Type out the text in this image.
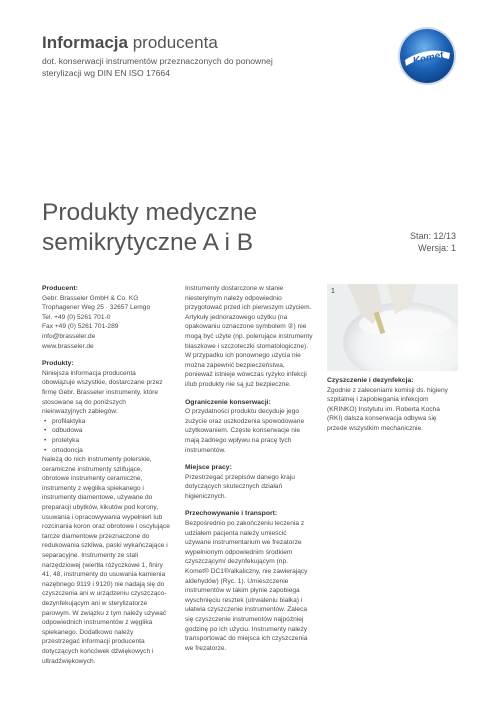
Informacja producenta
dot. konserwacji instrumentów przeznaczonych do ponownej sterylizacji wg DIN EN ISO 17664
Komet
Produkty medyczne
semikrytyczne A i B	Stan: 12/13
Wersja: 1
Producent:
Gebr. Brasseler GmbH & Co. KG
Trophagener Weg 25 · 32657 Lemgo
Tel. +49 (0) 5261 701-0
Fax +49 (0) 5261 701-289
info@brasseler.de
www.brasseler.de
Produkty:
Niniejsza informacja producenta obowiązuje wszystkie, dostarczane przez firmę Gebr. Brasseler instrumenty, które stosowane są do poniższych nieinwazyjnych zabiegów:
• profilaktyka
• odbudowa
• protetyka
• ortodoncja
Należą do nich instrumenty polerskie, ceramiczne instrumenty szlifujące, obrotowe instrumenty ceramiczne, instrumenty z węglika spiekanego i instrumenty diamentowe, używane do preparacji ubytków, kikutów pod korony, usuwania i opracowywania wypełnień lub rozcinania koron oraz obrotowe i oscylujące tarcze diamentowe przeznaczone do redukowania szkliwa, paski wykańczające i separacyjne. Instrumenty ze stali narzędziowej (wiertła różyczkowe 1, finiry 41, 48, instrumenty do usuwania kamienia nazębnego 9119 i 9120) nie nadają się do czyszczenia ani w urządzeniu czyszcząco-dezynfekującym ani w sterylizatorze parowym. W związku z tym należy używać odpowiednich instrumentów z węglika spiekanego. Dodatkowo należy przestrzegać informacji producenta dotyczących końcówek dźwiękowych i ultradźwiękowych.

Instrumenty dostarczone w stanie niesterylnym należy odpowiednio przygotować przed ich pierwszym użyciem. Artykuły jednorazowego użytku (na opakowaniu oznaczone symbolem ②) nie mogą być użyte (np. polerujące instrumenty blaszkowe i szczoteczki stomatologiczne). W przypadku ich ponownego użycia nie można zapewnić bezpieczeństwa, ponieważ istnieje wówczas ryzyko infekcji i/lub produkty nie są już bezpieczne.

Ograniczenie konserwacji:

O przydatności produktu decyduje jego zużycie oraz uszkodzenia spowodowane użytkowaniem. Częste konserwacje nie mają żadnego wpływu na pracę tych instrumentów.

Miejsce pracy:

Przestrzegać przepisów danego kraju dotyczących skutecznych działań higienicznych.

Przechowywanie i transport:

Bezpośrednio po zakończeniu leczenia z udziałem pacjenta należy umieścić używane instrumentarium we frezatorze wypełnionym odpowiednim środkiem czyszczącym/ dezynfekującym (np. Komet® DC1®/alkaliczny, nie zawierający aldehydów) (Ryc. 1). Umieszczenie instrumentów w takim płynie zapobiega wyschnięciu resztek (utrwaleniu białka) i ułatwia czyszczenie instrumentów. Zaleca się czyszczenie instrumentów najpóźniej godzinę po ich użyciu. Instrumenty należy transportować do miejsca ich czyszczenia we frezatorze.

1
Czyszczenie i dezynfekcja:

Zgodnie z zaleceniami komisji ds. higieny szpitalnej i zapobiegania infekcjom (KRINKO) Instytutu im. Roberta Kocha (RKI) dalsza konserwacja odbywa się przede wszystkim mechanicznie.
